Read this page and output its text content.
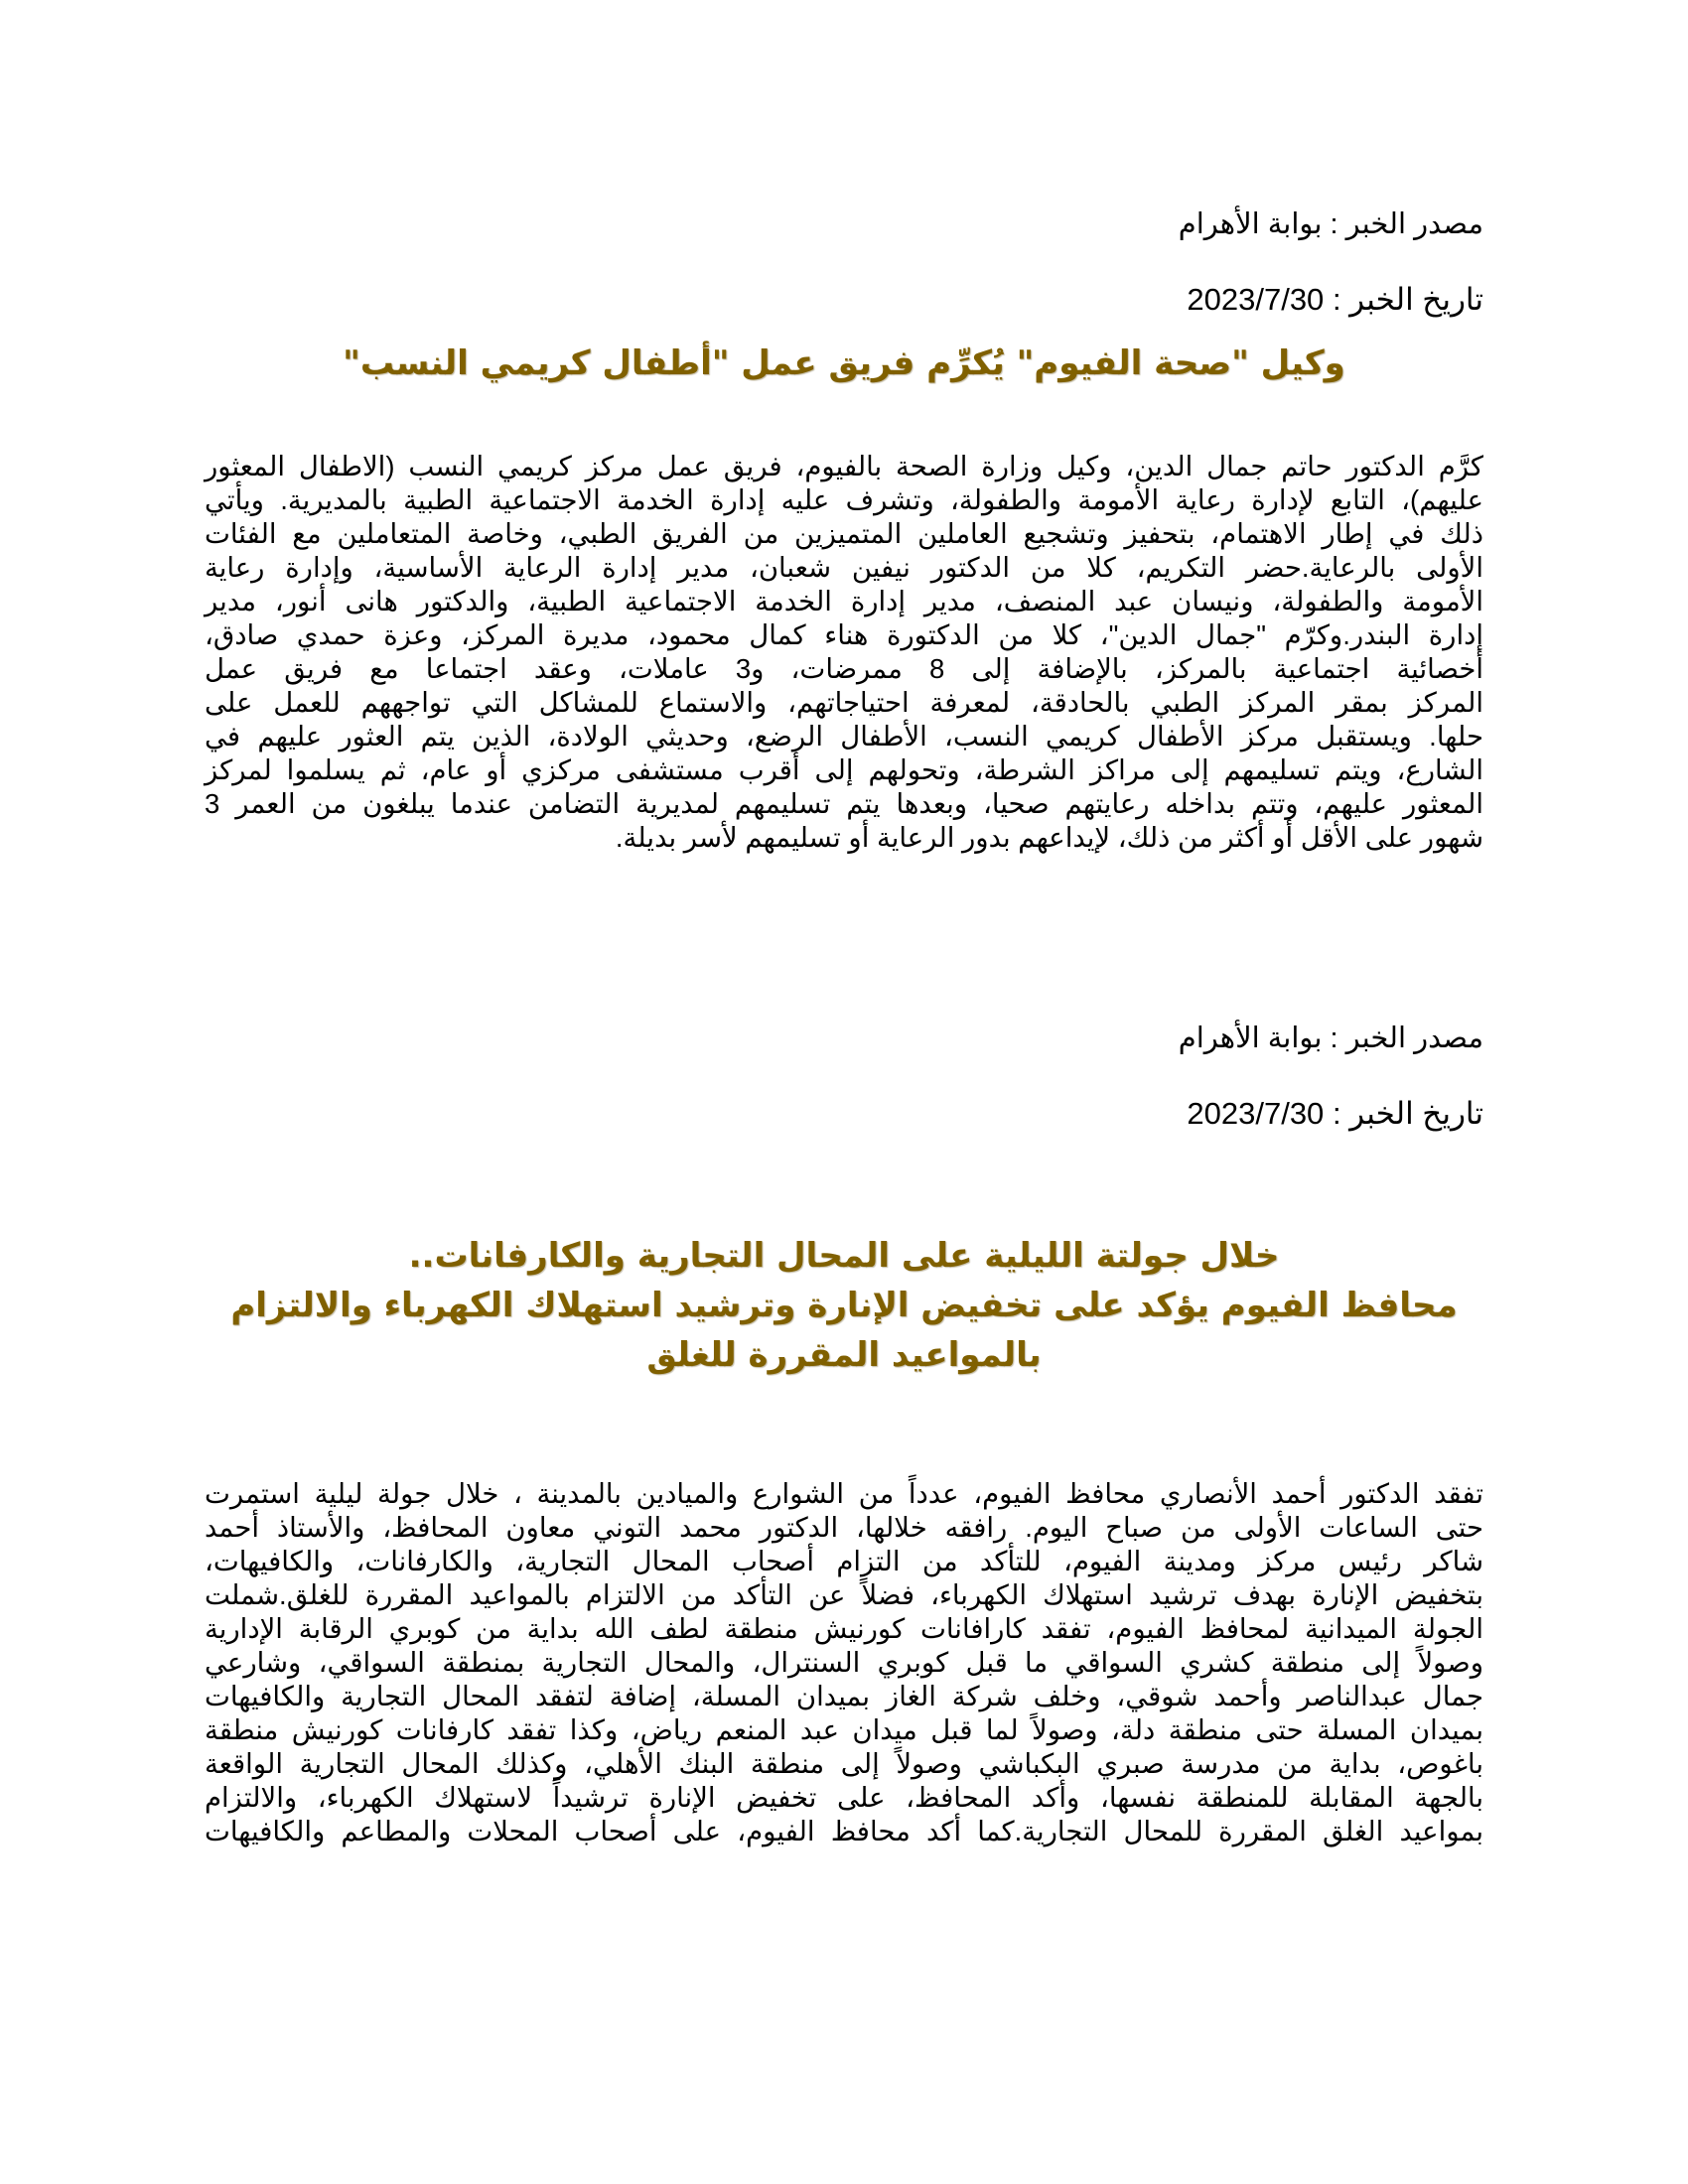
مصدر الخبر : بوابة الأهرام

تاريخ الخبر : 2023/7/30

وكيل "صحة الفيوم" يُكرِّم فريق عمل "أطفال كريمي النسب"

كرَّم الدكتور حاتم جمال الدين، وكيل وزارة الصحة بالفيوم، فريق عمل مركز كريمي النسب (الاطفال المعثور
عليهم)، التابع لإدارة رعاية الأمومة والطفولة، وتشرف عليه إدارة الخدمة الاجتماعية الطبية بالمديرية. ويأتي
ذلك في إطار الاهتمام، بتحفيز وتشجيع العاملين المتميزين من الفريق الطبي، وخاصة المتعاملين مع الفئات
الأولى بالرعاية.حضر التكريم، كلا من الدكتور نيفين شعبان، مدير إدارة الرعاية الأساسية، وإدارة رعاية
الأمومة والطفولة، ونيسان عبد المنصف، مدير إدارة الخدمة الاجتماعية الطبية، والدكتور هانى أنور، مدير
إدارة البندر.وكرّم "جمال الدين"، كلا من الدكتورة هناء كمال محمود، مديرة المركز، وعزة حمدي صادق،
أخصائية اجتماعية بالمركز، بالإضافة إلى 8 ممرضات، و3 عاملات، وعقد اجتماعا مع فريق عمل
المركز بمقر المركز الطبي بالحادقة، لمعرفة احتياجاتهم، والاستماع للمشاكل التي تواجههم للعمل على
حلها. ويستقبل مركز الأطفال كريمي النسب، الأطفال الرضع، وحديثي الولادة، الذين يتم العثور عليهم في
الشارع، ويتم تسليمهم إلى مراكز الشرطة، وتحولهم إلى أقرب مستشفى مركزي أو عام، ثم يسلموا لمركز
المعثور عليهم، وتتم بداخله رعايتهم صحيا، وبعدها يتم تسليمهم لمديرية التضامن عندما يبلغون من العمر 3
شهور على الأقل أو أكثر من ذلك، لإيداعهم بدور الرعاية أو تسليمهم لأسر بديلة.

مصدر الخبر : بوابة الأهرام

تاريخ الخبر : 2023/7/30

خلال جولتة الليلية على المحال التجارية والكارفانات..
محافظ الفيوم يؤكد على تخفيض الإنارة وترشيد استهلاك الكهرباء والالتزام
بالمواعيد المقررة للغلق

تفقد الدكتور أحمد الأنصاري محافظ الفيوم، عدداً من الشوارع والميادين بالمدينة ، خلال جولة ليلية استمرت
حتى الساعات الأولى من صباح اليوم. رافقه خلالها، الدكتور محمد التوني معاون المحافظ، والأستاذ أحمد
شاكر رئيس مركز ومدينة الفيوم، للتأكد من التزام أصحاب المحال التجارية، والكارفانات، والكافيهات،
بتخفيض الإنارة بهدف ترشيد استهلاك الكهرباء، فضلاً عن التأكد من الالتزام بالمواعيد المقررة للغلق.شملت
الجولة الميدانية لمحافظ الفيوم، تفقد كارافانات كورنيش منطقة لطف الله بداية من كوبري الرقابة الإدارية
وصولاً إلى منطقة كشري السواقي ما قبل كوبري السنترال، والمحال التجارية بمنطقة السواقي، وشارعي
جمال عبدالناصر وأحمد شوقي، وخلف شركة الغاز بميدان المسلة، إضافة لتفقد المحال التجارية والكافيهات
بميدان المسلة حتى منطقة دلة، وصولاً لما قبل ميدان عبد المنعم رياض، وكذا تفقد كارفانات كورنيش منطقة
باغوص، بداية من مدرسة صبري البكباشي وصولاً إلى منطقة البنك الأهلي، وكذلك المحال التجارية الواقعة
بالجهة المقابلة للمنطقة نفسها، وأكد المحافظ، على تخفيض الإنارة ترشيداً لاستهلاك الكهرباء، والالتزام
بمواعيد الغلق المقررة للمحال التجارية.كما أكد محافظ الفيوم، على أصحاب المحلات والمطاعم والكافيهات
